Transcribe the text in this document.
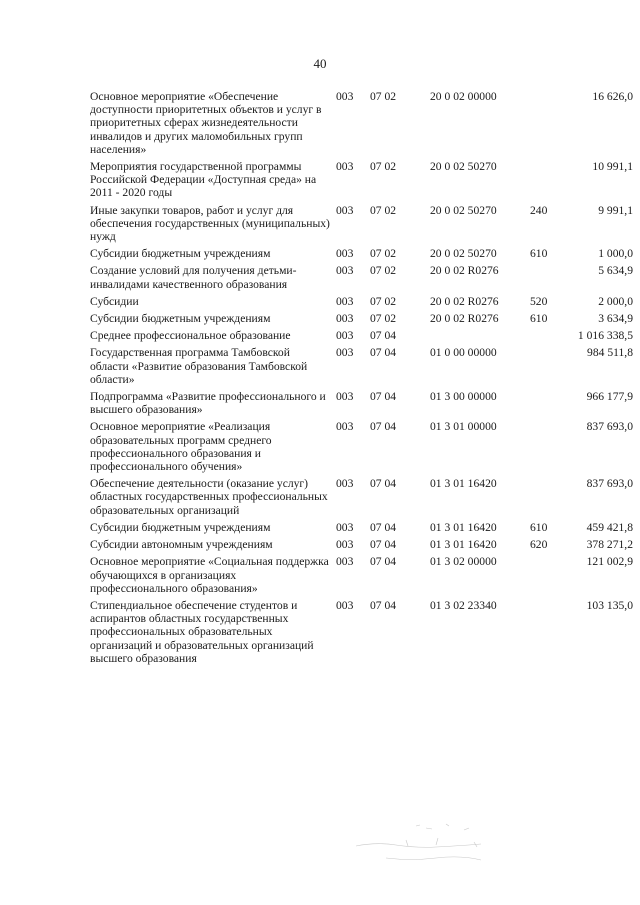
40
Основное мероприятие «Обеспечение доступности приоритетных объектов и услуг в приоритетных сферах жизнедеятельности инвалидов и других маломобильных групп населения»	003	07 02	20 0 02 00000		16 626,0
Мероприятия государственной программы Российской Федерации «Доступная среда» на 2011 - 2020 годы	003	07 02	20 0 02 50270		10 991,1
Иные закупки товаров, работ и услуг для обеспечения государственных (муниципальных) нужд	003	07 02	20 0 02 50270	240	9 991,1
Субсидии бюджетным учреждениям	003	07 02	20 0 02 50270	610	1 000,0
Создание условий для получения детьми-инвалидами качественного образования	003	07 02	20 0 02 R0276		5 634,9
Субсидии	003	07 02	20 0 02 R0276	520	2 000,0
Субсидии бюджетным учреждениям	003	07 02	20 0 02 R0276	610	3 634,9
Среднее профессиональное образование	003	07 04			1 016 338,5
Государственная программа Тамбовской области «Развитие образования Тамбовской области»	003	07 04	01 0 00 00000		984 511,8
Подпрограмма «Развитие профессионального и высшего образования»	003	07 04	01 3 00 00000		966 177,9
Основное мероприятие «Реализация образовательных программ среднего профессионального образования и профессионального обучения»	003	07 04	01 3 01 00000		837 693,0
Обеспечение деятельности (оказание услуг) областных государственных профессиональных образовательных организаций	003	07 04	01 3 01 16420		837 693,0
Субсидии бюджетным учреждениям	003	07 04	01 3 01 16420	610	459 421,8
Субсидии автономным учреждениям	003	07 04	01 3 01 16420	620	378 271,2
Основное мероприятие «Социальная поддержка обучающихся в организациях профессионального образования»	003	07 04	01 3 02 00000		121 002,9
Стипендиальное обеспечение студентов и аспирантов областных государственных профессиональных образовательных организаций и образовательных организаций высшего образования	003	07 04	01 3 02 23340		103 135,0
